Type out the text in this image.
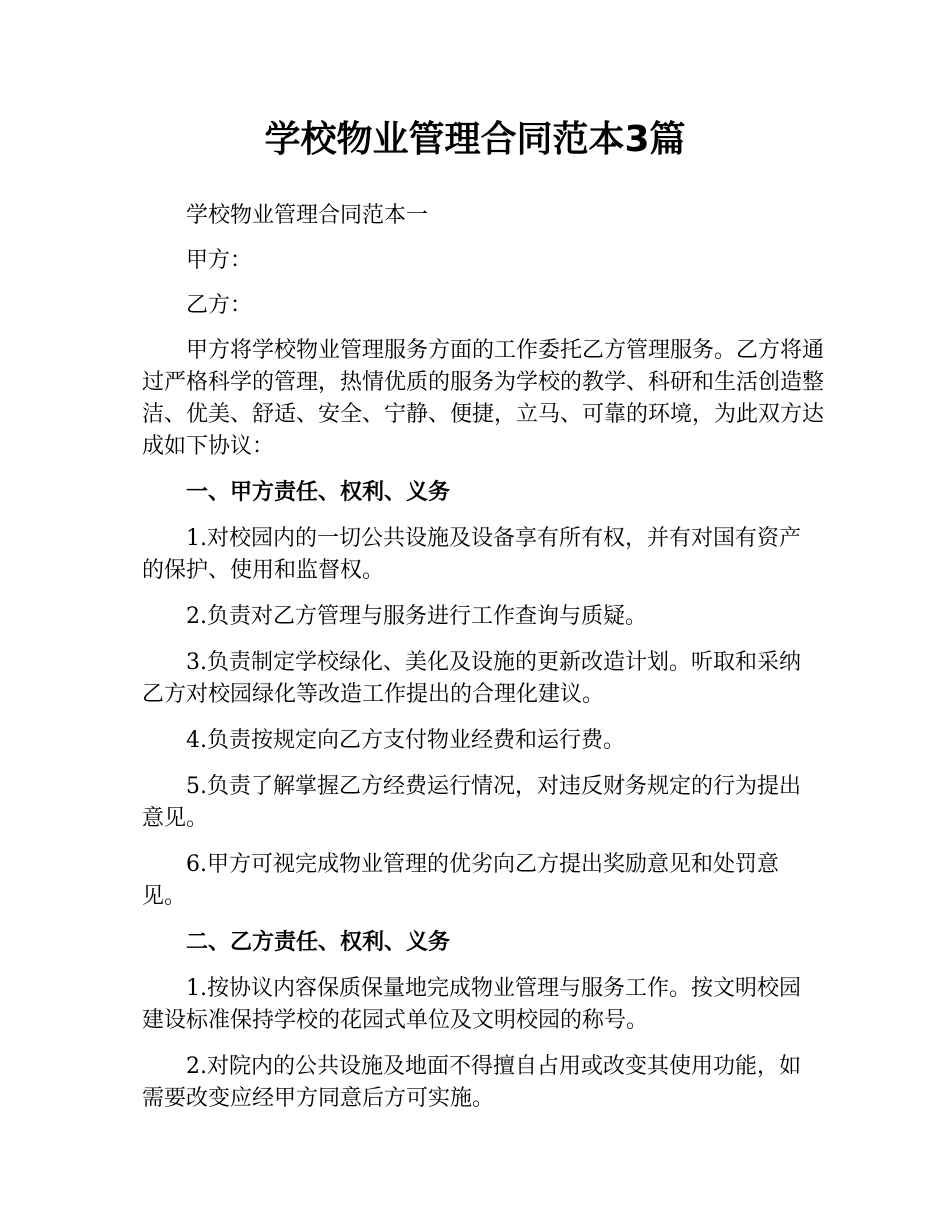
学校物业管理合同范本3篇

学校物业管理合同范本一

甲方：

乙方：

甲方将学校物业管理服务方面的工作委托乙方管理服务。乙方将通过严格科学的管理，热情优质的服务为学校的教学、科研和生活创造整洁、优美、舒适、安全、宁静、便捷，立马、可靠的环境，为此双方达成如下协议：

一、甲方责任、权利、义务

1.对校园内的一切公共设施及设备享有所有权，并有对国有资产的保护、使用和监督权。

2.负责对乙方管理与服务进行工作查询与质疑。

3.负责制定学校绿化、美化及设施的更新改造计划。听取和采纳乙方对校园绿化等改造工作提出的合理化建议。

4.负责按规定向乙方支付物业经费和运行费。

5.负责了解掌握乙方经费运行情况，对违反财务规定的行为提出意见。

6.甲方可视完成物业管理的优劣向乙方提出奖励意见和处罚意见。

二、乙方责任、权利、义务

1.按协议内容保质保量地完成物业管理与服务工作。按文明校园建设标准保持学校的花园式单位及文明校园的称号。

2.对院内的公共设施及地面不得擅自占用或改变其使用功能，如需要改变应经甲方同意后方可实施。
